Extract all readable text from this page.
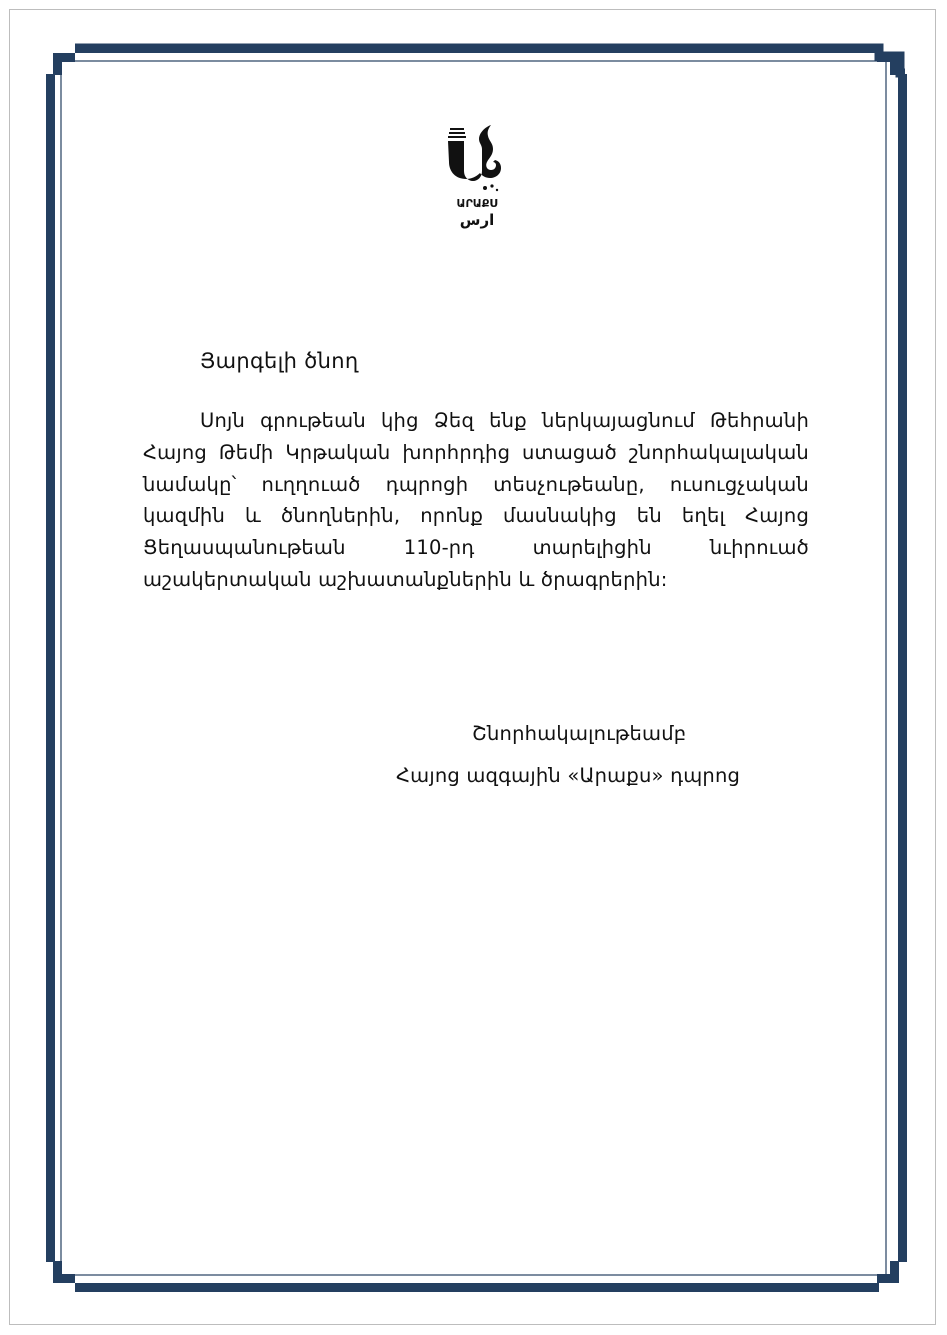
ԱՐԱՔՍ
ارس
Յարգելի ծնող
Սոյն գրութեան կից Ձեզ ենք ներկայացնում Թեհրանի Հայոց Թեմի Կրթական խորհրդից ստացած շնորհակալական նամակը՝ ուղղուած դպրոցի տեսչութեանը, ուսուցչական կազմին և ծնողներին, որոնք մասնակից են եղել Հայոց Ցեղասպանութեան 110-րդ տարելիցին նւիրուած աշակերտական աշխատանքներին և ծրագրերին:
Շնորհակալութեամբ
Հայոց ազգային «Արաքս» դպրոց
